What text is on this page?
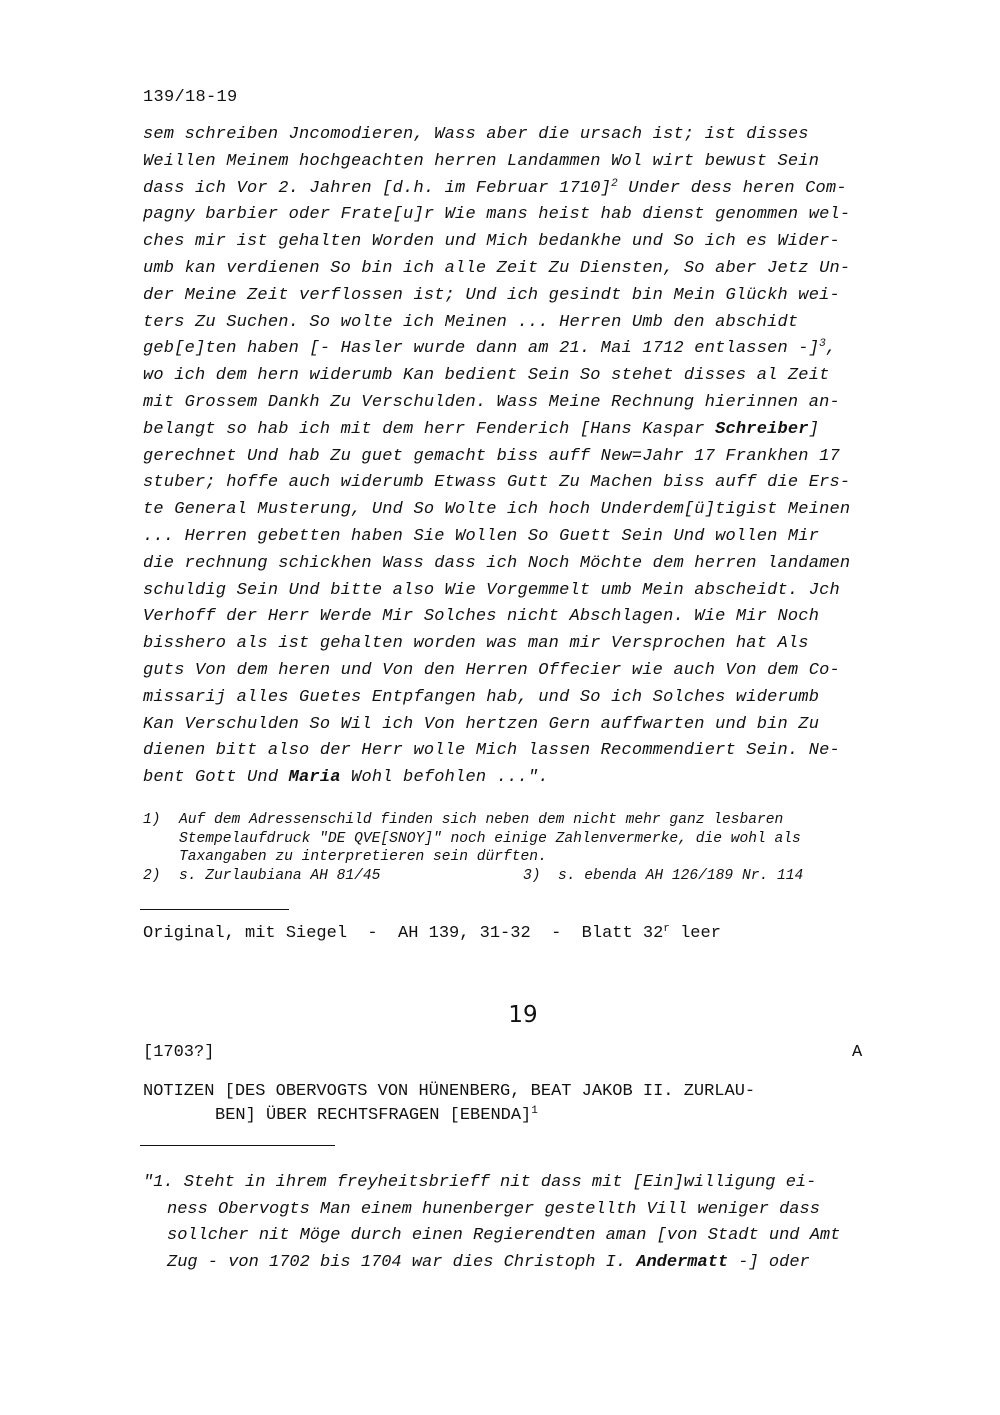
139/18-19
sem schreiben Jncomodieren, Wass aber die ursach ist; ist disses
Weillen Meinem hochgeachten herren Landammen Wol wirt bewust Sein
dass ich Vor 2. Jahren [d.h. im Februar 1710]$^2$ Under dess heren Com-
pagny barbier oder Frate[u]r Wie mans heist hab dienst genommen wel-
ches mir ist gehalten Worden und Mich bedankhe und So ich es Wider-
umb kan verdienen So bin ich alle Zeit Zu Diensten, So aber Jetz Un-
der Meine Zeit verflossen ist; Und ich gesindt bin Mein Glückh wei-
ters Zu Suchen. So wolte ich Meinen ... Herren Umb den abschidt
geb[e]ten haben [- Hasler wurde dann am 21. Mai 1712 entlassen -]$^3$,
wo ich dem hern widerumb Kan bedient Sein So stehet disses al Zeit
mit Grossem Dankh Zu Verschulden. Wass Meine Rechnung hierinnen an-
belangt so hab ich mit dem herr Fenderich [Hans Kaspar Schreiber]
gerechnet Und hab Zu guet gemacht biss auff New=Jahr 17 Frankhen 17
stuber; hoffe auch widerumb Etwass Gutt Zu Machen biss auff die Ers-
te General Musterung, Und So Wolte ich hoch Underdem[ü]tigist Meinen
... Herren gebetten haben Sie Wollen So Guett Sein Und wollen Mir
die rechnung schickhen Wass dass ich Noch Möchte dem herren landamen
schuldig Sein Und bitte also Wie Vorgemmelt umb Mein abscheidt. Jch
Verhoff der Herr Werde Mir Solches nicht Abschlagen. Wie Mir Noch
bisshero als ist gehalten worden was man mir Versprochen hat Als
guts Von dem heren und Von den Herren Offecier wie auch Von dem Co-
missarij alles Guetes Entpfangen hab, und So ich Solches widerumb
Kan Verschulden So Wil ich Von hertzen Gern auffwarten und bin Zu
dienen bitt also der Herr wolle Mich lassen Recommendiert Sein. Ne-
bent Gott Und Maria Wohl befohlen ...".
1) Auf dem Adressenschild finden sich neben dem nicht mehr ganz lesbaren
Stempelaufdruck "DE QVE[SNOY]" noch einige Zahlenvermerke, die wohl als
Taxangaben zu interpretieren sein dürften.
2) s. Zurlaubiana AH 81/45	3)  s. ebenda AH 126/189 Nr. 114
Original, mit Siegel  -  AH 139, 31-32  -  Blatt 32$^r$ leer
19
[1703?]	A
NOTIZEN [DES OBERVOGTS VON HÜNENBERG, BEAT JAKOB II. ZURLAU-
BEN] ÜBER RECHTSFRAGEN [EBENDA]$^1$
"1. Steht in ihrem freyheitsbrieff nit dass mit [Ein]willigung ei-
ness Obervogts Man einem hunenberger gestellth Vill weniger dass
sollcher nit Möge durch einen Regierendten aman [von Stadt und Amt
Zug - von 1702 bis 1704 war dies Christoph I. Andermatt -] oder
